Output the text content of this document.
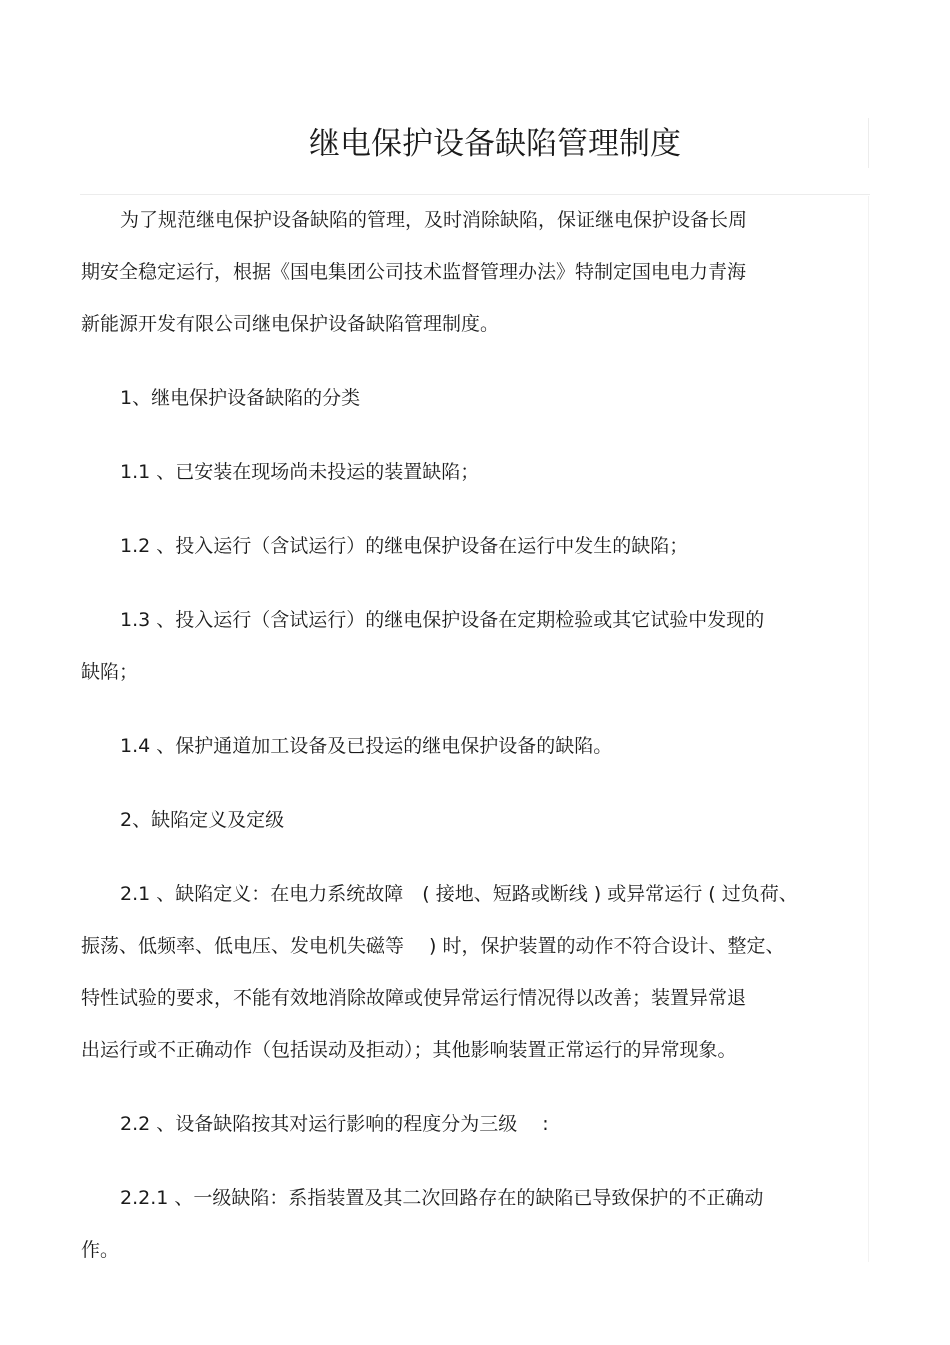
继电保护设备缺陷管理制度
为了规范继电保护设备缺陷的管理，及时消除缺陷，保证继电保护设备长周
期安全稳定运行，根据《国电集团公司技术监督管理办法》特制定国电电力青海
新能源开发有限公司继电保护设备缺陷管理制度。
1、继电保护设备缺陷的分类
1.1 、已安装在现场尚未投运的装置缺陷；
1.2 、投入运行（含试运行）的继电保护设备在运行中发生的缺陷；
1.3 、投入运行（含试运行）的继电保护设备在定期检验或其它试验中发现的
缺陷；
1.4 、保护通道加工设备及已投运的继电保护设备的缺陷。
2、缺陷定义及定级
2.1 、缺陷定义：在电力系统故障　( 接地、短路或断线 ) 或异常运行 ( 过负荷、
振荡、低频率、低电压、发电机失磁等　 ) 时，保护装置的动作不符合设计、整定、
特性试验的要求，不能有效地消除故障或使异常运行情况得以改善；装置异常退
出运行或不正确动作（包括误动及拒动）；其他影响装置正常运行的异常现象。
2.2 、设备缺陷按其对运行影响的程度分为三级　 :
2.2.1 、一级缺陷：系指装置及其二次回路存在的缺陷已导致保护的不正确动
作。
